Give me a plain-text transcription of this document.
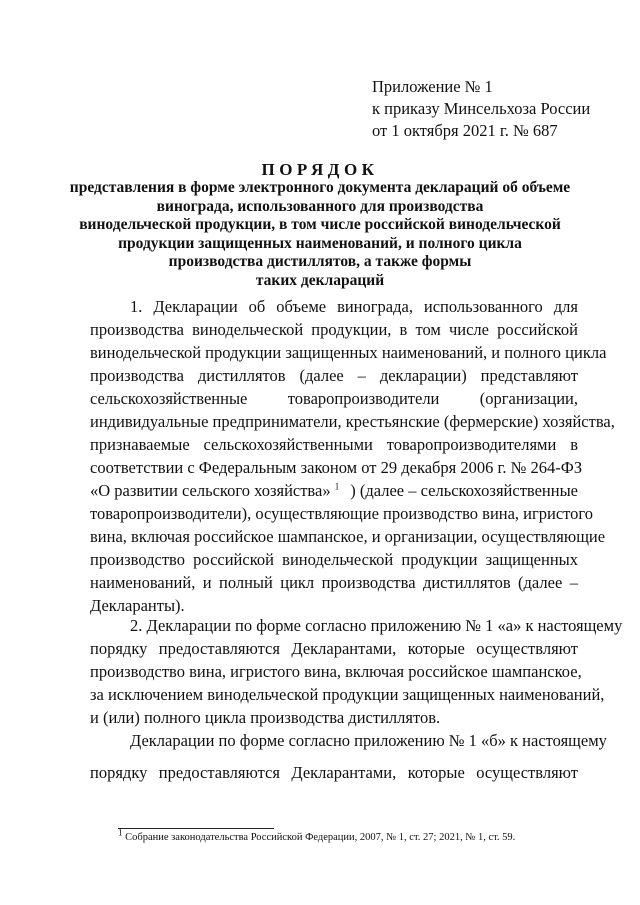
Приложение № 1
к приказу Минсельхоза России
от 1 октября 2021 г. № 687
ПОРЯДОК
представления в форме электронного документа деклараций об объеме
винограда, использованного для производства
винодельческой продукции, в том числе российской винодельческой
продукции защищенных наименований, и полного цикла
производства дистиллятов, а также формы
таких деклараций
1. Декларации об объеме винограда, использованного для
производства винодельческой продукции, в том числе российской
винодельческой продукции защищенных наименований, и полного цикла
производства дистиллятов (далее – декларации) представляют
сельскохозяйственные товаропроизводители (организации,
индивидуальные предприниматели, крестьянские (фермерские) хозяйства,
признаваемые сельскохозяйственными товаропроизводителями в
соответствии с Федеральным законом от 29 декабря 2006 г. № 264-ФЗ
«О развитии сельского хозяйства» $^1$ ) (далее – сельскохозяйственные
товаропроизводители), осуществляющие производство вина, игристого
вина, включая российское шампанское, и организации, осуществляющие
производство российской винодельческой продукции защищенных
наименований, и полный цикл производства дистиллятов (далее –
Декларанты).
2. Декларации по форме согласно приложению № 1 «а» к настоящему
порядку предоставляются Декларантами, которые осуществляют
производство вина, игристого вина, включая российское шампанское,
за исключением винодельческой продукции защищенных наименований,
и (или) полного цикла производства дистиллятов.
Декларации по форме согласно приложению № 1 «б» к настоящему
порядку предоставляются Декларантами, которые осуществляют
$^1$ Собрание законодательства Российской Федерации, 2007, № 1, ст. 27; 2021, № 1, ст. 59.
